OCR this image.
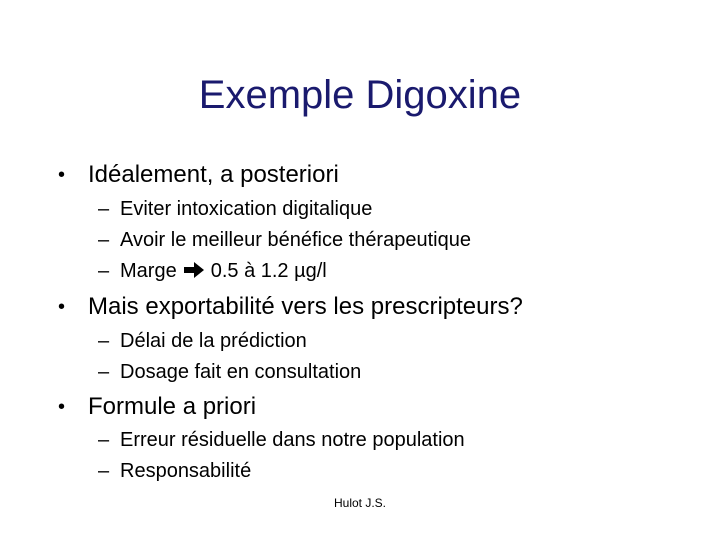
Exemple Digoxine
• Idéalement, a posteriori
– Eviter intoxication digitalique
– Avoir le meilleur bénéfice thérapeutique
– Marge 0.5 à 1.2 µg/l
• Mais exportabilité vers les prescripteurs?
– Délai de la prédiction
– Dosage fait en consultation
• Formule a priori
– Erreur résiduelle dans notre population
– Responsabilité
Hulot J.S.
